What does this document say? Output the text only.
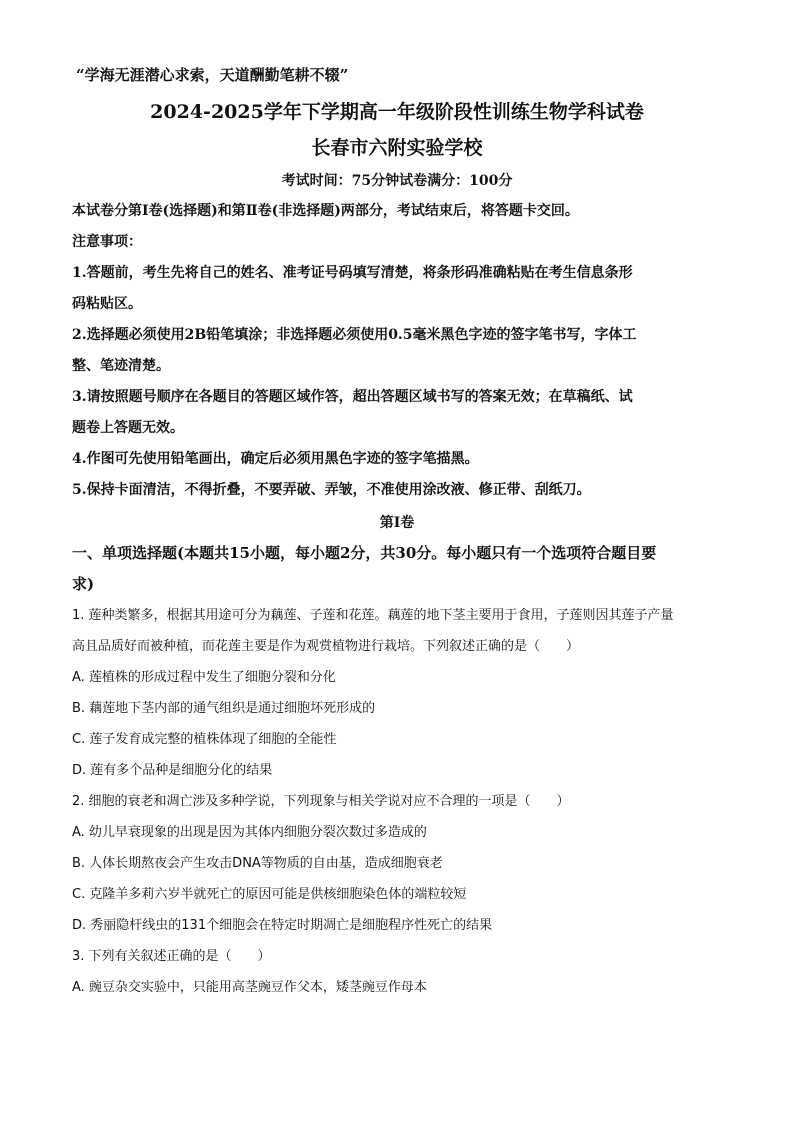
“学海无涯潜心求索，天道酬勤笔耕不辍”
2024-2025学年下学期高一年级阶段性训练生物学科试卷
长春市六附实验学校
考试时间：75分钟试卷满分：100分
本试卷分第Ⅰ卷(选择题)和第Ⅱ卷(非选择题)两部分，考试结束后，将答题卡交回。
注意事项：
1.答题前，考生先将自己的姓名、准考证号码填写清楚，将条形码准确粘贴在考生信息条形
码粘贴区。
2.选择题必须使用2B铅笔填涂；非选择题必须使用0.5毫米黑色字迹的签字笔书写，字体工
整、笔迹清楚。
3.请按照题号顺序在各题目的答题区域作答，超出答题区域书写的答案无效；在草稿纸、试
题卷上答题无效。
4.作图可先使用铅笔画出，确定后必须用黑色字迹的签字笔描黑。
5.保持卡面清洁，不得折叠，不要弄破、弄皱，不准使用涂改液、修正带、刮纸刀。
第Ⅰ卷
一、单项选择题(本题共15小题，每小题2分，共30分。每小题只有一个选项符合题目要
求)
1. 莲种类繁多，根据其用途可分为藕莲、子莲和花莲。藕莲的地下茎主要用于食用，子莲则因其莲子产量
高且品质好而被种植，而花莲主要是作为观赏植物进行栽培。下列叙述正确的是（　　）
A. 莲植株的形成过程中发生了细胞分裂和分化
B. 藕莲地下茎内部的通气组织是通过细胞坏死形成的
C. 莲子发育成完整的植株体现了细胞的全能性
D. 莲有多个品种是细胞分化的结果
2. 细胞的衰老和凋亡涉及多种学说，下列现象与相关学说对应不合理的一项是（　　）
A. 幼儿早衰现象的出现是因为其体内细胞分裂次数过多造成的
B. 人体长期熬夜会产生攻击DNA等物质的自由基，造成细胞衰老
C. 克隆羊多莉六岁半就死亡的原因可能是供核细胞染色体的端粒较短
D. 秀丽隐杆线虫的131个细胞会在特定时期凋亡是细胞程序性死亡的结果
3. 下列有关叙述正确的是（　　）
A. 豌豆杂交实验中，只能用高茎豌豆作父本，矮茎豌豆作母本
